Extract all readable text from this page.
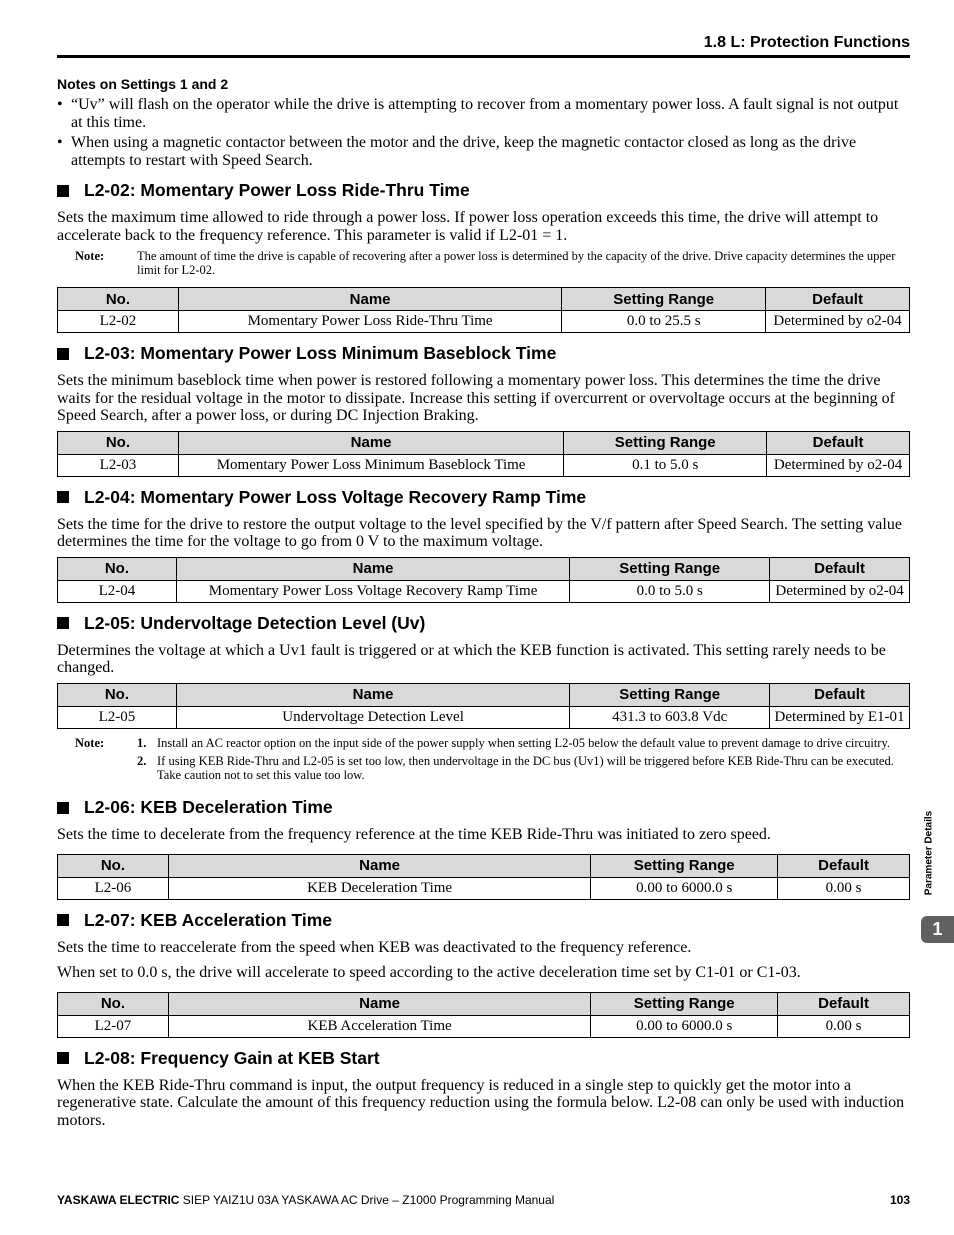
1.8 L: Protection Functions
Notes on Settings 1 and 2
• “Uv” will flash on the operator while the drive is attempting to recover from a momentary power loss. A fault signal is not output at this time.
• When using a magnetic contactor between the motor and the drive, keep the magnetic contactor closed as long as the drive attempts to restart with Speed Search.
L2-02: Momentary Power Loss Ride-Thru Time

Sets the maximum time allowed to ride through a power loss. If power loss operation exceeds this time, the drive will attempt to accelerate back to the frequency reference. This parameter is valid if L2-01 = 1.

Note:	The amount of time the drive is capable of recovering after a power loss is determined by the capacity of the drive. Drive capacity determines the upper limit for L2-02.
No.	Name	Setting Range	Default
L2-02	Momentary Power Loss Ride-Thru Time	0.0 to 25.5 s	Determined by o2-04
L2-03: Momentary Power Loss Minimum Baseblock Time

Sets the minimum baseblock time when power is restored following a momentary power loss. This determines the time the drive waits for the residual voltage in the motor to dissipate. Increase this setting if overcurrent or overvoltage occurs at the beginning of Speed Search, after a power loss, or during DC Injection Braking.

No.	Name	Setting Range	Default
L2-03	Momentary Power Loss Minimum Baseblock Time	0.1 to 5.0 s	Determined by o2-04
L2-04: Momentary Power Loss Voltage Recovery Ramp Time

Sets the time for the drive to restore the output voltage to the level specified by the V/f pattern after Speed Search. The setting value determines the time for the voltage to go from 0 V to the maximum voltage.

No.	Name	Setting Range	Default
L2-04	Momentary Power Loss Voltage Recovery Ramp Time	0.0 to 5.0 s	Determined by o2-04
L2-05: Undervoltage Detection Level (Uv)

Determines the voltage at which a Uv1 fault is triggered or at which the KEB function is activated. This setting rarely needs to be changed.

No.	Name	Setting Range	Default
L2-05	Undervoltage Detection Level	431.3 to 603.8 Vdc	Determined by E1-01
Note:	1. Install an AC reactor option on the input side of the power supply when setting L2-05 below the default value to prevent damage to drive circuitry.
2. If using KEB Ride-Thru and L2-05 is set too low, then undervoltage in the DC bus (Uv1) will be triggered before KEB Ride-Thru can be executed. Take caution not to set this value too low.
L2-06: KEB Deceleration Time

Sets the time to decelerate from the frequency reference at the time KEB Ride-Thru was initiated to zero speed.

No.	Name	Setting Range	Default
L2-06	KEB Deceleration Time	0.00 to 6000.0 s	0.00 s
L2-07: KEB Acceleration Time

Sets the time to reaccelerate from the speed when KEB was deactivated to the frequency reference.

When set to 0.0 s, the drive will accelerate to speed according to the active deceleration time set by C1-01 or C1-03.

No.	Name	Setting Range	Default
L2-07	KEB Acceleration Time	0.00 to 6000.0 s	0.00 s
L2-08: Frequency Gain at KEB Start

When the KEB Ride-Thru command is input, the output frequency is reduced in a single step to quickly get the motor into a regenerative state. Calculate the amount of this frequency reduction using the formula below. L2-08 can only be used with induction motors.

Parameter Details
1
YASKAWA ELECTRIC SIEP YAIZ1U 03A YASKAWA AC Drive – Z1000 Programming Manual	103
